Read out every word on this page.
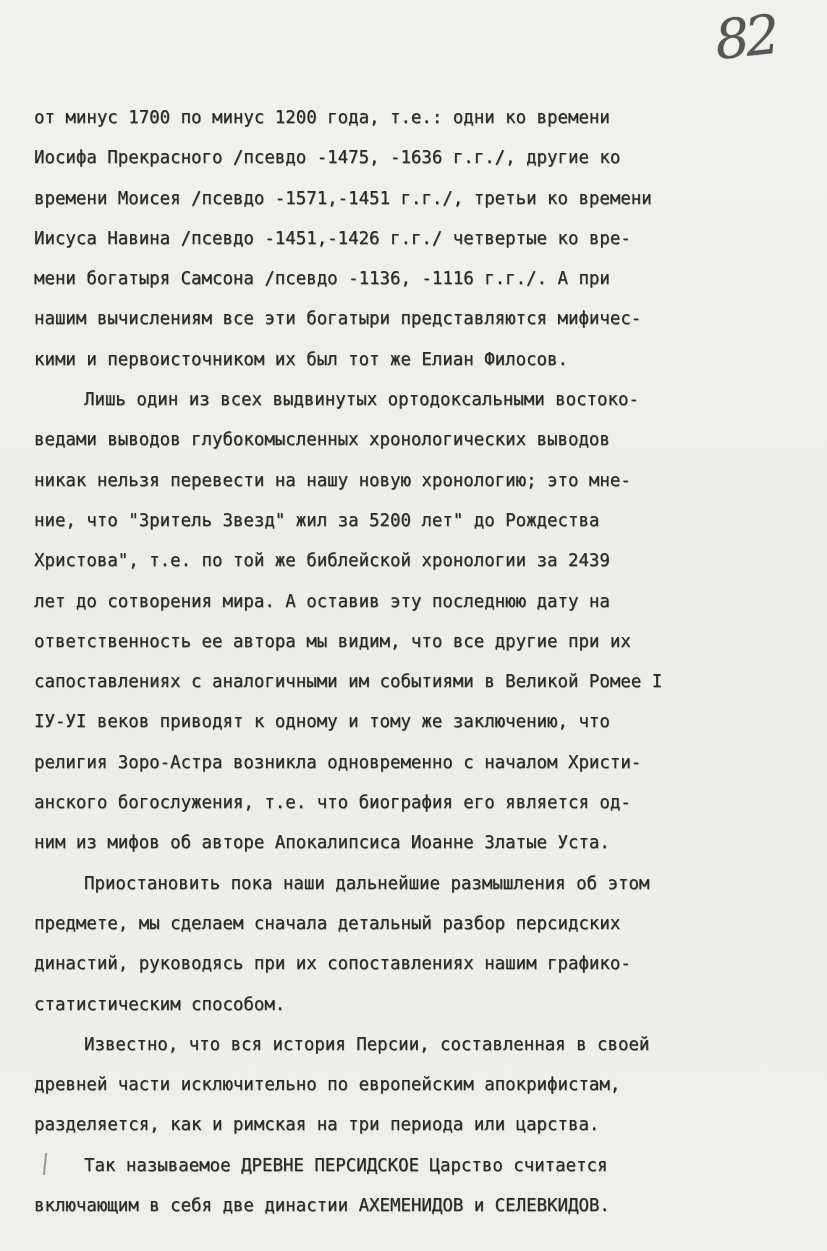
82
от минус 1700 по минус 1200 года, т.е.: одни ко времени
Иосифа Прекрасного /псевдо -1475, -1636 г.г./, другие ко
времени Моисея /псевдо -1571,-1451 г.г./, третьи ко времени
Иисуса Навина /псевдо -1451,-1426 г.г./ четвертые ко вре-
мени богатыря Самсона /псевдо -1136, -1116 г.г./. А при
нашим вычислениям все эти богатыри представляются мифичес-
кими и первоисточником их был тот же Елиан Филосов.
Лишь один из всех выдвинутых ортодоксальными востоко-
ведами выводов глубокомысленных хронологических выводов
никак нельзя перевести на нашу новую хронологию; это мне-
ние, что "Зритель Звезд" жил за 5200 лет" до Рождества
Христова", т.е. по той же библейской хронологии за 2439
лет до сотворения мира. А оставив эту последнюю дату на
ответственность ее автора мы видим, что все другие при их
сапоставлениях с аналогичными им событиями в Великой Ромее I
IУ-УI веков приводят к одному и тому же заключению, что
религия Зоро-Астра возникла одновременно с началом Христи-
анского богослужения, т.е. что биография его является од-
ним из мифов об авторе Апокалипсиса Иоанне Златые Уста.
Приостановить пока наши дальнейшие размышления об этом
предмете, мы сделаем сначала детальный разбор персидских
династий, руководясь при их сопоставлениях нашим графико-
статистическим способом.
Известно, что вся история Персии, составленная в своей
древней части исключительно по европейским апокрифистам,
разделяется, как и римская на три периода или царства.
Так называемое ДРЕВНЕ ПЕРСИДСКОЕ Царство считается
включающим в себя две династии АХЕМЕНИДОВ и СЕЛЕВКИДОВ.
